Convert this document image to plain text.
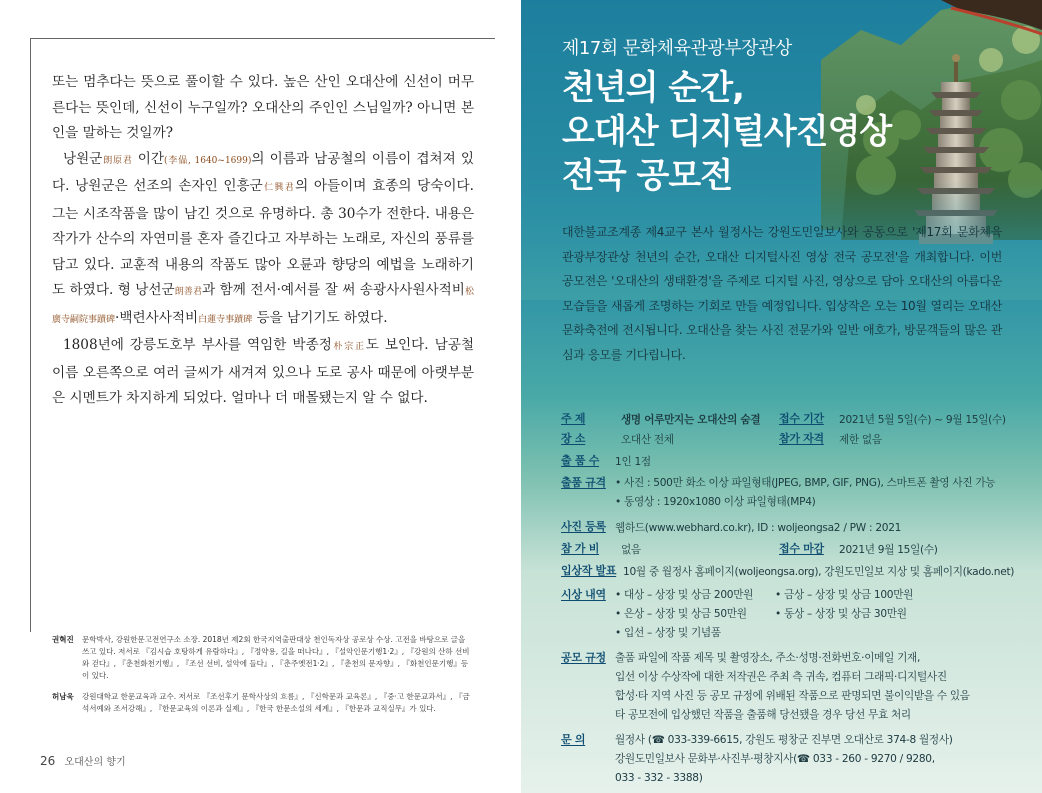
또는 멈추다는 뜻으로 풀이할 수 있다. 높은 산인 오대산에 신선이 머무른다는 뜻인데, 신선이 누구일까? 오대산의 주인인 스님일까? 아니면 본인을 말하는 것일까?

낭원군朗原君 이간(李偘, 1640~1699)의 이름과 남공철의 이름이 겹쳐져 있다. 낭원군은 선조의 손자인 인흥군仁興君의 아들이며 효종의 당숙이다. 그는 시조작품을 많이 남긴 것으로 유명하다. 총 30수가 전한다. 내용은 작가가 산수의 자연미를 혼자 즐긴다고 자부하는 노래로, 자신의 풍류를 담고 있다. 교훈적 내용의 작품도 많아 오륜과 향당의 예법을 노래하기도 하였다. 형 낭선군朗善君과 함께 전서·예서를 잘 써 송광사사원사적비松廣寺嗣院事蹟碑·백련사사적비白蓮寺事蹟碑 등을 남기기도 하였다.

1808년에 강릉도호부 부사를 역임한 박종정朴宗正도 보인다. 남공철 이름 오른쪽으로 여러 글씨가 새겨져 있으나 도로 공사 때문에 아랫부분은 시멘트가 차지하게 되었다. 얼마나 더 매몰됐는지 알 수 없다.

권혁진	문학박사, 강원한문고전연구소 소장. 2018년 제2회 한국지역출판대상 천인독자상 공로상 수상. 고전을 바탕으로 글을 쓰고 있다. 저서로 『김시습 호탕하게 유람하다』, 『정약용, 길을 떠나다』, 『설악인문기행1·2』, 『강원의 산하 선비와 걷다』, 『춘천화천기행』, 『조선 선비, 설악에 들다』, 『춘주옛전1·2』, 『춘천의 문자향』, 『화천인문기행』등이 있다.
허남욱	강원대학교 한문교육과 교수. 저서로 『조선후기 문학사상의 흐름』, 『신학문과 교육론』, 『중·고 한문교과서』, 『금석서예와 조서강해』, 『한문교육의 이론과 실제』, 『한국 한문소설의 세계』, 『한문과 교직실무』가 있다.
26 오대산의 향기
제17회 문화체육관광부장관상
천년의 순간,
오대산 디지털사진영상
전국 공모전
대한불교조계종 제4교구 본사 월정사는 강원도민일보사와 공동으로 '제17회 문화체육관광부장관상 천년의 순간, 오대산 디지털사진 영상 전국 공모전'을 개최합니다. 이번 공모전은 '오대산의 생태환경'을 주제로 디지털 사진, 영상으로 담아 오대산의 아름다운 모습들을 새롭게 조명하는 기회로 만들 예정입니다. 입상작은 오는 10월 열리는 오대산 문화축전에 전시됩니다. 오대산을 찾는 사진 전문가와 일반 애호가, 방문객들의 많은 관심과 응모를 기다립니다.
주 제	생명 어루만지는 오대산의 숨결	접수 기간	2021년 5월 5일(수) ~ 9월 15일(수)
장 소	오대산 전체	참가 자격	제한 없음
출 품 수	1인 1점
출품 규격 • 사진 : 500만 화소 이상 파일형태(JPEG, BMP, GIF, PNG), 스마트폰 촬영 사진 가능
• 동영상 : 1920x1080 이상 파일형태(MP4)
사진 등록 웹하드(www.webhard.co.kr), ID : woljeongsa2 / PW : 2021
참 가 비	없음	접수 마감	2021년 9월 15일(수)
입상작 발표 10월 중 월정사 홈페이지(woljeongsa.org), 강원도민일보 지상 및 홈페이지(kado.net)
시상 내역 • 대상 – 상장 및 상금 200만원	• 금상 – 상장 및 상금 100만원
• 은상 – 상장 및 상금 50만원	• 동상 – 상장 및 상금 30만원
• 입선 – 상장 및 기념품
공모 규정 출품 파일에 작품 제목 및 촬영장소, 주소·성명·전화번호·이메일 기재,
입선 이상 수상작에 대한 저작권은 주최 측 귀속, 컴퓨터 그래픽·디지털사진
합성·타 지역 사진 등 공모 규정에 위배된 작품으로 판명되면 불이익받을 수 있음
타 공모전에 입상했던 작품을 출품해 당선됐을 경우 당선 무효 처리
문 의	월정사 (☎ 033-339-6615, 강원도 평창군 진부면 오대산로 374-8 월정사)
강원도민일보사 문화부·사진부·평창지사(☎ 033 - 260 - 9270 / 9280,
033 - 332 - 3388)
